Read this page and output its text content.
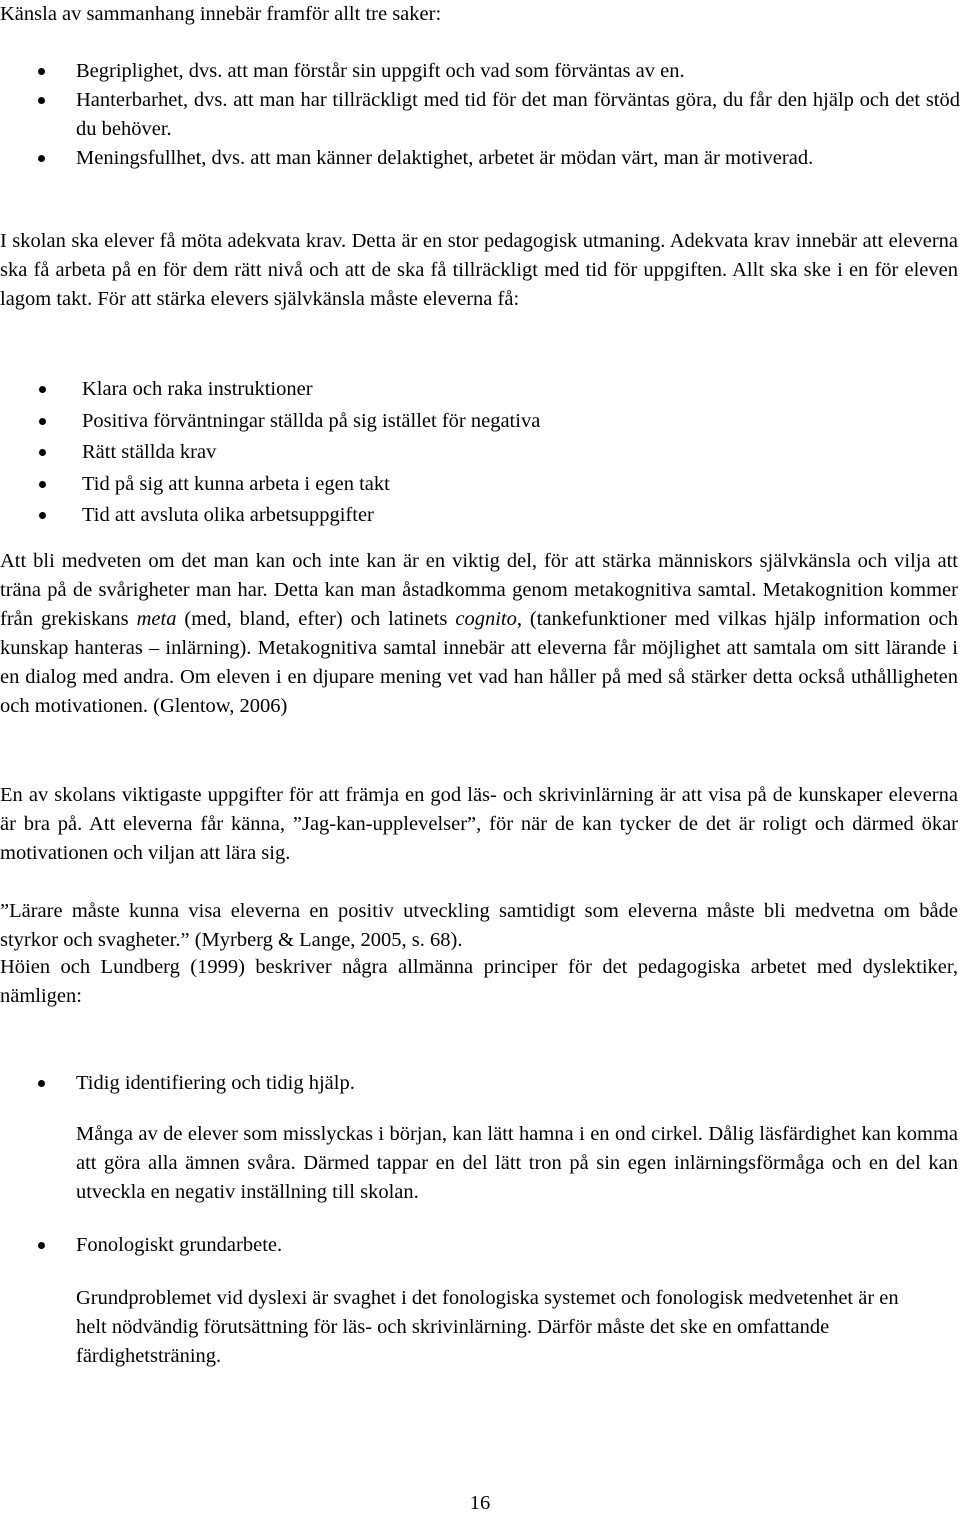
Känsla av sammanhang innebär framför allt tre saker:

Begriplighet, dvs. att man förstår sin uppgift och vad som förväntas av en.
Hanterbarhet, dvs. att man har tillräckligt med tid för det man förväntas göra, du får den hjälp och det stöd du behöver.
Meningsfullhet, dvs. att man känner delaktighet, arbetet är mödan värt, man är motiverad.

I skolan ska elever få möta adekvata krav. Detta är en stor pedagogisk utmaning. Adekvata krav innebär att eleverna ska få arbeta på en för dem rätt nivå och att de ska få tillräckligt med tid för uppgiften. Allt ska ske i en för eleven lagom takt. För att stärka elevers självkänsla måste eleverna få:

Klara och raka instruktioner
Positiva förväntningar ställda på sig istället för negativa
Rätt ställda krav
Tid på sig att kunna arbeta i egen takt
Tid att avsluta olika arbetsuppgifter

Att bli medveten om det man kan och inte kan är en viktig del, för att stärka människors självkänsla och vilja att träna på de svårigheter man har. Detta kan man åstadkomma genom metakognitiva samtal. Metakognition kommer från grekiskans meta (med, bland, efter) och latinets cognito, (tankefunktioner med vilkas hjälp information och kunskap hanteras – inlärning). Metakognitiva samtal innebär att eleverna får möjlighet att samtala om sitt lärande i en dialog med andra. Om eleven i en djupare mening vet vad han håller på med så stärker detta också uthålligheten och motivationen. (Glentow, 2006)

En av skolans viktigaste uppgifter för att främja en god läs- och skrivinlärning är att visa på de kunskaper eleverna är bra på. Att eleverna får känna, ”Jag-kan-upplevelser”, för när de kan tycker de det är roligt och därmed ökar motivationen och viljan att lära sig.

”Lärare måste kunna visa eleverna en positiv utveckling samtidigt som eleverna måste bli medvetna om både styrkor och svagheter.” (Myrberg & Lange, 2005, s. 68).

Höien och Lundberg (1999) beskriver några allmänna principer för det pedagogiska arbetet med dyslektiker, nämligen:

Tidig identifiering och tidig hjälp.

Många av de elever som misslyckas i början, kan lätt hamna i en ond cirkel. Dålig läsfärdighet kan komma att göra alla ämnen svåra. Därmed tappar en del lätt tron på sin egen inlärningsförmåga och en del kan utveckla en negativ inställning till skolan.

Fonologiskt grundarbete.

Grundproblemet vid dyslexi är svaghet i det fonologiska systemet och fonologisk medvetenhet är en helt nödvändig förutsättning för läs- och skrivinlärning. Därför måste det ske en omfattande färdighetsträning.

16
